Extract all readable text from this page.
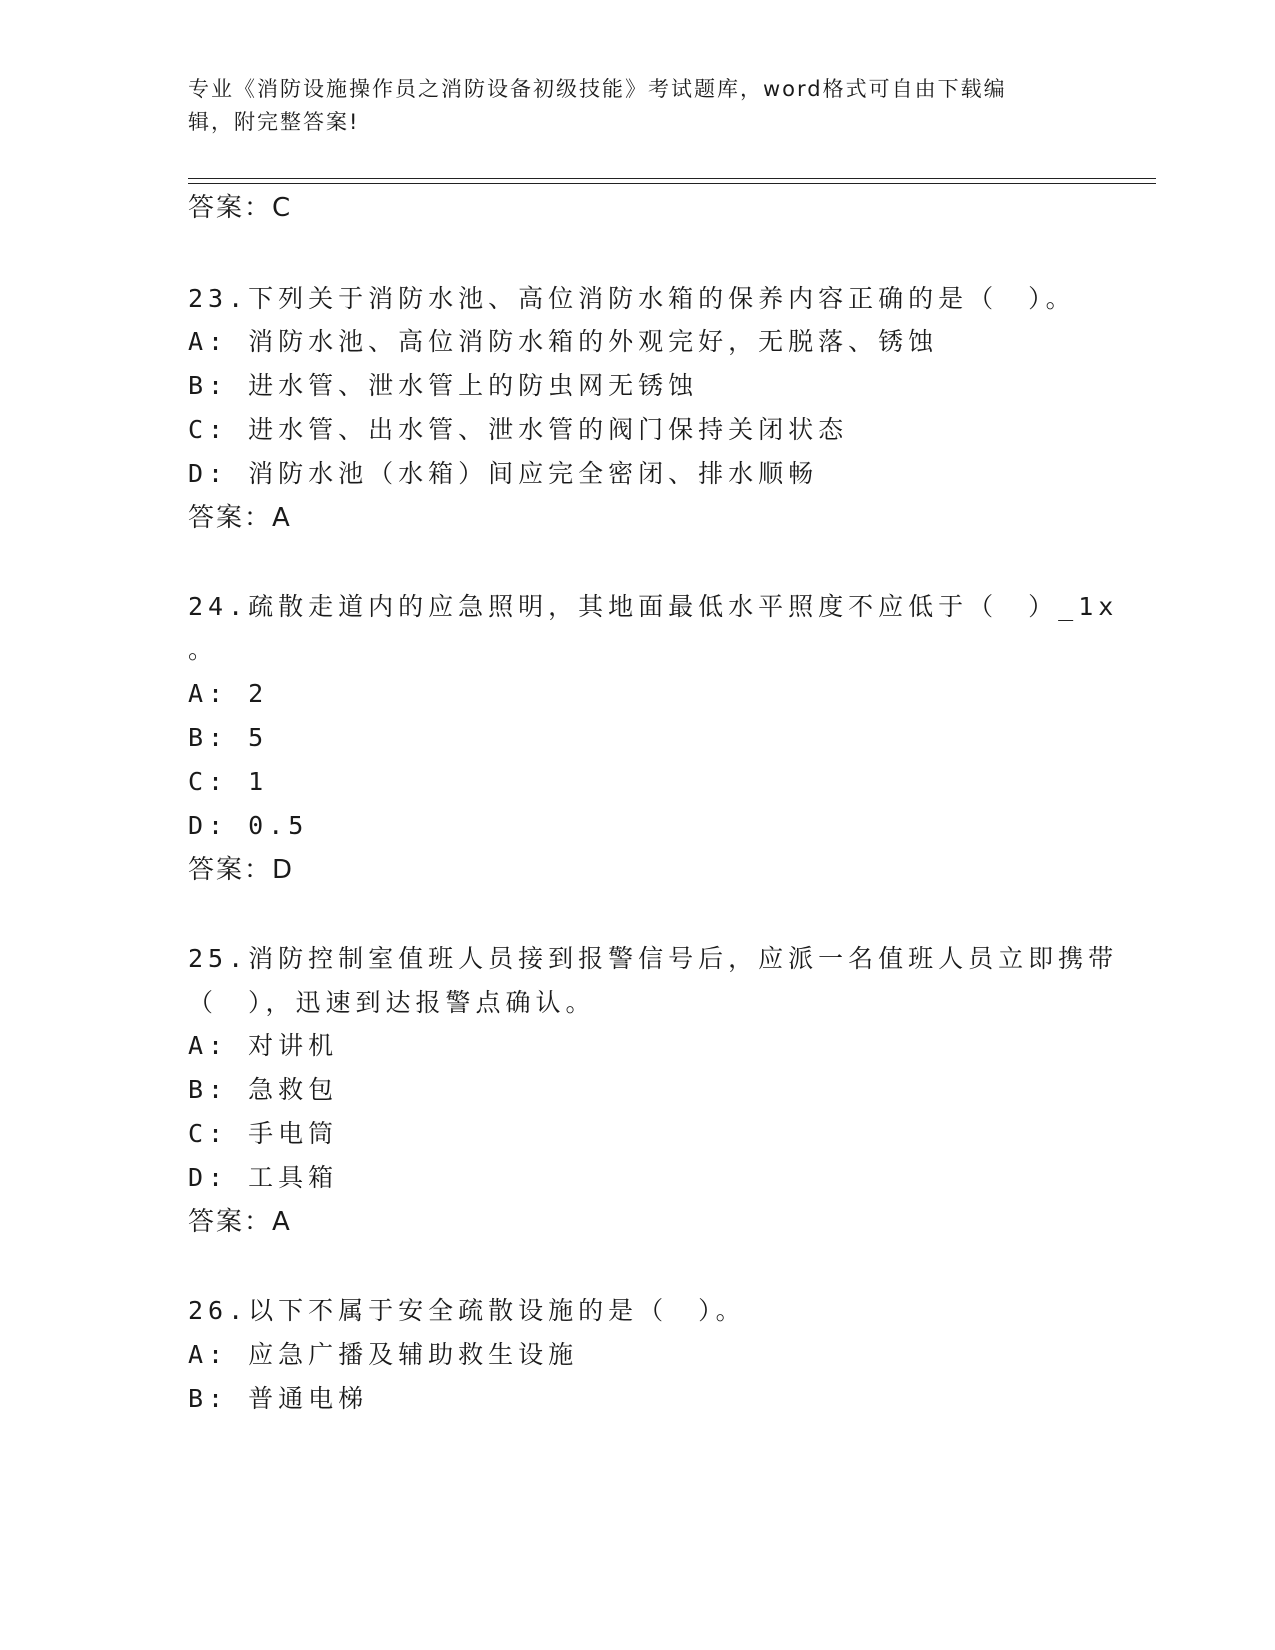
专业《消防设施操作员之消防设备初级技能》考试题库，word格式可自由下载编
辑，附完整答案!
答案：C
23.下列关于消防水池、高位消防水箱的保养内容正确的是（　）。
A: 消防水池、高位消防水箱的外观完好，无脱落、锈蚀
B: 进水管、泄水管上的防虫网无锈蚀
C: 进水管、出水管、泄水管的阀门保持关闭状态
D: 消防水池（水箱）间应完全密闭、排水顺畅
答案：A
24.疏散走道内的应急照明，其地面最低水平照度不应低于（　）_1x
。
A: 2
B: 5
C: 1
D: 0.5
答案：D
25.消防控制室值班人员接到报警信号后，应派一名值班人员立即携带
（　），迅速到达报警点确认。
A: 对讲机
B: 急救包
C: 手电筒
D: 工具箱
答案：A
26.以下不属于安全疏散设施的是（　）。
A: 应急广播及辅助救生设施
B: 普通电梯
